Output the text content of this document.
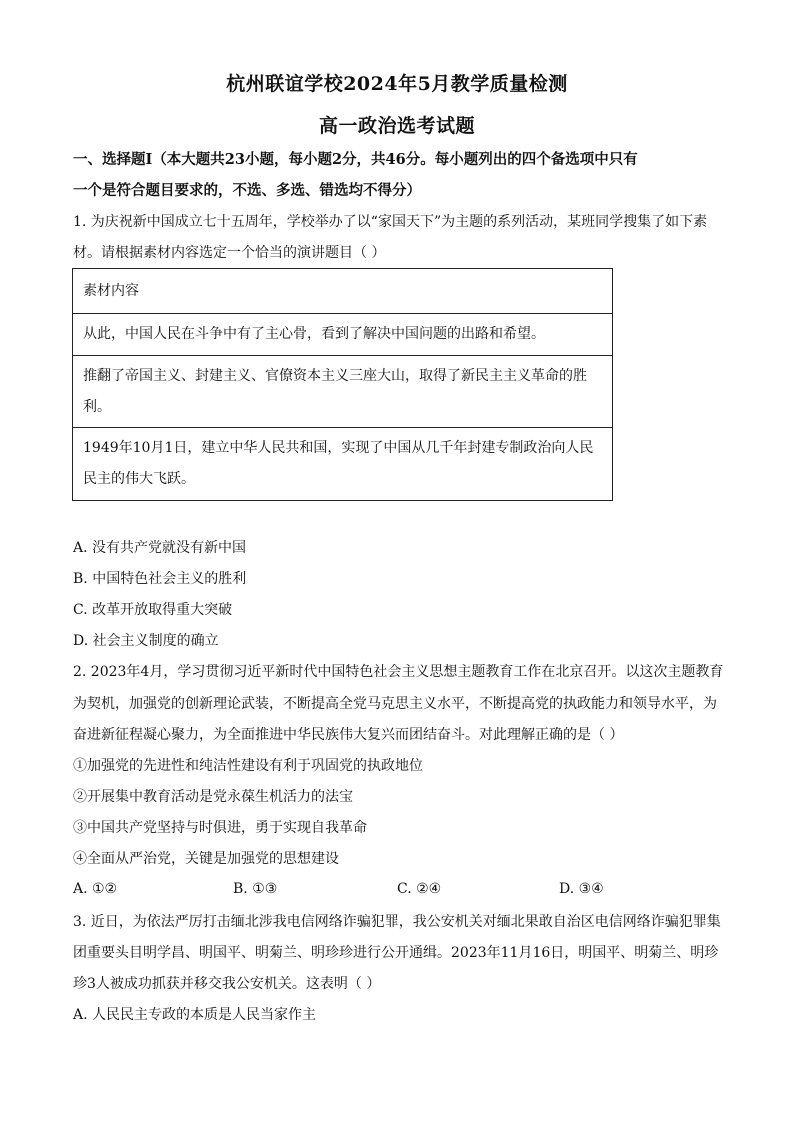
杭州联谊学校2024年5月教学质量检测
高一政治选考试题
一、选择题Ⅰ（本大题共23小题，每小题2分，共46分。每小题列出的四个备选项中只有
一个是符合题目要求的，不选、多选、错选均不得分）
1. 为庆祝新中国成立七十五周年，学校举办了以“家国天下”为主题的系列活动，某班同学搜集了如下素
材。请根据素材内容选定一个恰当的演讲题目（ ）
素材内容
从此，中国人民在斗争中有了主心骨，看到了解决中国问题的出路和希望。
推翻了帝国主义、封建主义、官僚资本主义三座大山，取得了新民主主义革命的胜
利。
1949年10月1日，建立中华人民共和国，实现了中国从几千年封建专制政治向人民
民主的伟大飞跃。
A. 没有共产党就没有新中国
B. 中国特色社会主义的胜利
C. 改革开放取得重大突破
D. 社会主义制度的确立
2. 2023年4月，学习贯彻习近平新时代中国特色社会主义思想主题教育工作在北京召开。以这次主题教育
为契机，加强党的创新理论武装，不断提高全党马克思主义水平，不断提高党的执政能力和领导水平，为
奋进新征程凝心聚力，为全面推进中华民族伟大复兴而团结奋斗。对此理解正确的是（ ）
①加强党的先进性和纯洁性建设有利于巩固党的执政地位
②开展集中教育活动是党永葆生机活力的法宝
③中国共产党坚持与时俱进，勇于实现自我革命
④全面从严治党，关键是加强党的思想建设
A. ①②	B. ①③	C. ②④	D. ③④
3. 近日，为依法严厉打击缅北涉我电信网络诈骗犯罪，我公安机关对缅北果敢自治区电信网络诈骗犯罪集
团重要头目明学昌、明国平、明菊兰、明珍珍进行公开通缉。2023年11月16日，明国平、明菊兰、明珍
珍3人被成功抓获并移交我公安机关。这表明（ ）
A. 人民民主专政的本质是人民当家作主
